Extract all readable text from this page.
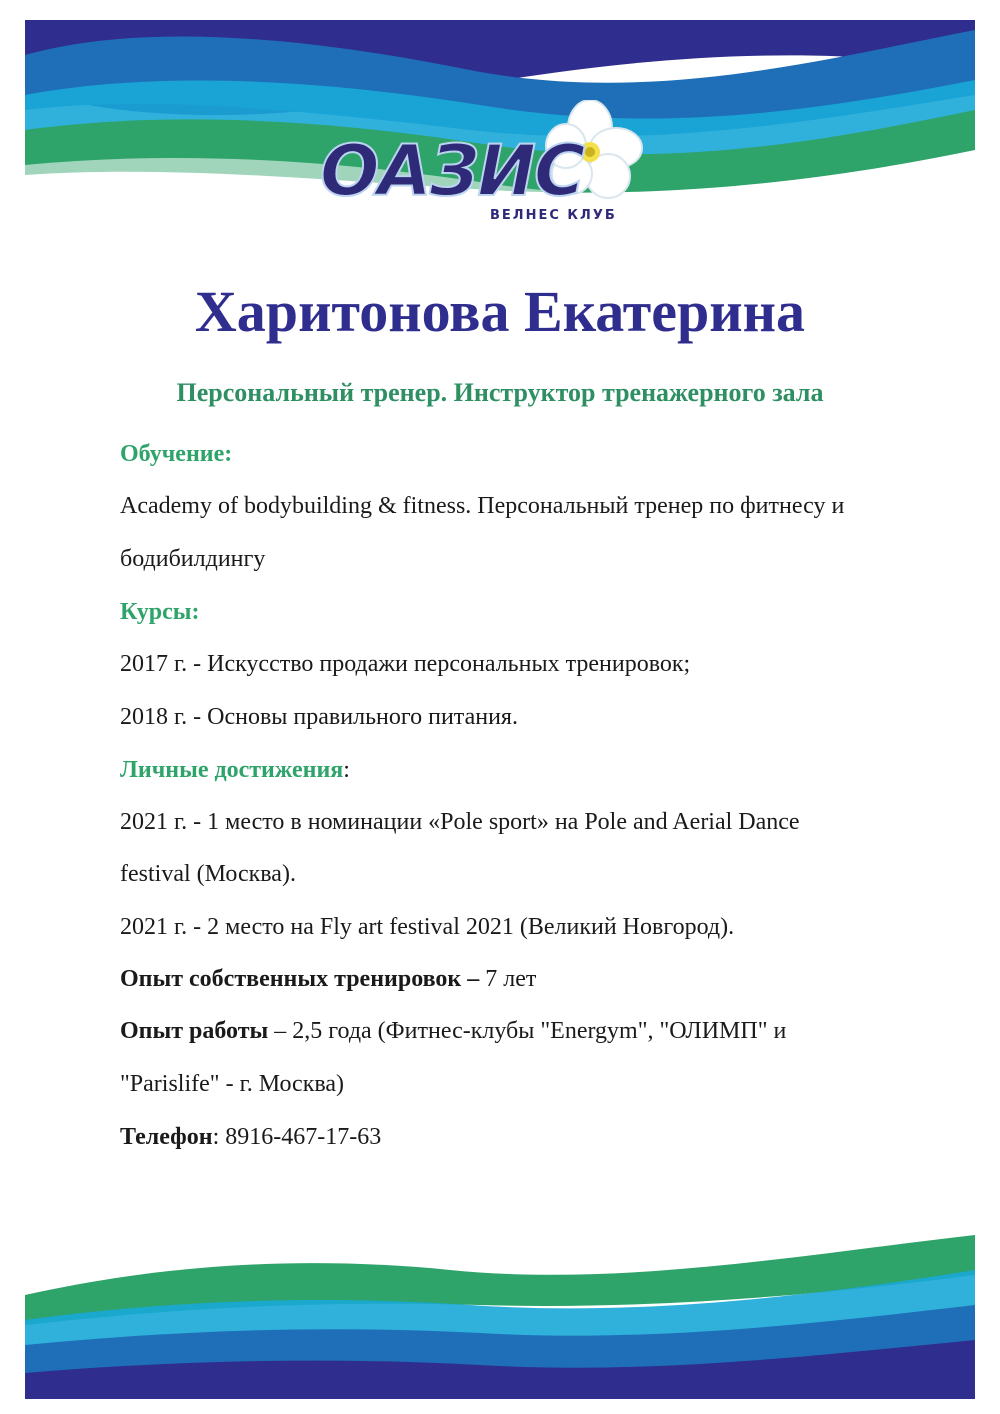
ОАЗИС
ВЕЛНЕС КЛУБ
Харитонова Екатерина
Персональный тренер. Инструктор тренажерного зала
Обучение:
Academy of bodybuilding & fitness. Персональный тренер по фитнесу и
бодибилдингу
Курсы:
2017 г. - Искусство продажи персональных тренировок;
2018 г. - Основы правильного питания.
Личные достижения:
2021 г. - 1 место в номинации «Pole sport» на Pole and Aerial Dance
festival (Москва).
2021 г. - 2 место на Fly art festival 2021 (Великий Новгород).
Опыт собственных тренировок – 7 лет
Опыт работы – 2,5 года (Фитнес-клубы "Energym", "ОЛИМП" и
"Parislife" - г. Москва)
Телефон: 8916-467-17-63
